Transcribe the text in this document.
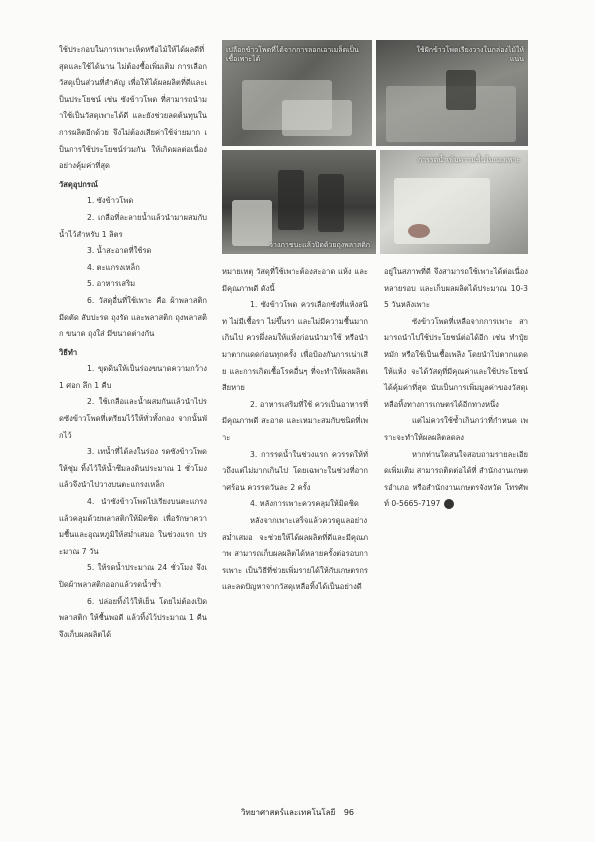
ใช้ประกอบในการเพาะเห็ดหรือไม้ให้ได้ผลดีที่สุดและใช้ได้นาน ไม่ต้องซื้อเพิ่มเติม การเลือกวัสดุเป็นส่วนที่สำคัญ เพื่อให้ได้ผลผลิตที่ดีและเป็นประโยชน์ เช่น ซังข้าวโพด ที่สามารถนำมาใช้เป็นวัสดุเพาะได้ดี และยังช่วยลดต้นทุนในการผลิตอีกด้วย จึงไม่ต้องเสียค่าใช้จ่ายมาก เป็นการใช้ประโยชน์ร่วมกัน ให้เกิดผลต่อเนื่องอย่างคุ้มค่าที่สุด

วัสดุอุปกรณ์

1. ซังข้าวโพด

2. เกลือที่ละลายน้ำแล้วนำมาผสมกับน้ำไว้สำหรับ 1 ลิตร

3. น้ำสะอาดที่ใช้รด

4. ตะแกรงเหล็ก

5. อาหารเสริม

6. วัสดุอื่นที่ใช้เพาะ คือ ผ้าพลาสติก มีดตัด สับปะรด ถุงรัด และพลาสติก ถุงพลาสติก ขนาด ถุงใส่ มีขนาดต่างกัน

วิธีทำ

1. ขุดดินให้เป็นร่องขนาดความกว้าง 1 ศอก ลึก 1 คืบ

2. ใช้เกลือและน้ำผสมกันแล้วนำไปรดซังข้าวโพดที่เตรียมไว้ให้ทั่วทั้งกอง จากนั้นพักไว้

3. เทน้ำที่ได้ลงในร่อง รดซังข้าวโพดให้ชุ่ม ทิ้งไว้ให้น้ำซึมลงดินประมาณ 1 ชั่วโมงแล้วจึงนำไปวางบนตะแกรงเหล็ก

4. นำซังข้าวโพดไปเรียงบนตะแกรง แล้วคลุมด้วยพลาสติกให้มิดชิด เพื่อรักษาความชื้นและอุณหภูมิให้สม่ำเสมอ ในช่วงแรก ประมาณ 7 วัน

5. ให้รดน้ำประมาณ 24 ชั่วโมง จึงเปิดผ้าพลาสติกออกแล้วรดน้ำซ้ำ

6. ปล่อยทิ้งไว้ให้เย็น โดยไม่ต้องเปิดพลาสติก ให้ชื้นพอดี แล้วทิ้งไว้ประมาณ 1 คืน จึงเก็บผลผลิตได้

เปลือกข้าวโพดที่ได้จากการลอกเอาเมล็ดเป็นเชื้อเพาะได้
ใช้ฝักข้าวโพดเรียงวางในกล่องไม้ให้แน่น
วางภาชนะแล้วปิดด้วยถุงพลาสติก
การรดน้ำเพิ่มความชื้นในกองเพาะ

หมายเหตุ วัสดุที่ใช้เพาะต้องสะอาด แห้ง และมีคุณภาพดี ดังนี้

1. ซังข้าวโพด ควรเลือกซังที่แห้งสนิท ไม่มีเชื้อรา ไม่ขึ้นรา และไม่มีความชื้นมากเกินไป ควรผึ่งลมให้แห้งก่อนนำมาใช้ หรือนำมาตากแดดก่อนทุกครั้ง เพื่อป้องกันการเน่าเสีย และการเกิดเชื้อโรคอื่นๆ ที่จะทำให้ผลผลิตเสียหาย

2. อาหารเสริมที่ใช้ ควรเป็นอาหารที่มีคุณภาพดี สะอาด และเหมาะสมกับชนิดที่เพาะ

3. การรดน้ำในช่วงแรก ควรรดให้ทั่วถึงแต่ไม่มากเกินไป โดยเฉพาะในช่วงที่อากาศร้อน ควรรดวันละ 2 ครั้ง

4. หลังการเพาะควรคลุมให้มิดชิด

หลังจากเพาะเสร็จแล้วควรดูแลอย่างสม่ำเสมอ จะช่วยให้ได้ผลผลิตที่ดีและมีคุณภาพ สามารถเก็บผลผลิตได้หลายครั้งต่อรอบการเพาะ เป็นวิธีที่ช่วยเพิ่มรายได้ให้กับเกษตรกร และลดปัญหาจากวัสดุเหลือทิ้งได้เป็นอย่างดี

อยู่ในสภาพที่ดี จึงสามารถใช้เพาะได้ต่อเนื่องหลายรอบ และเก็บผลผลิตได้ประมาณ 10-35 วันหลังเพาะ

ซังข้าวโพดที่เหลือจากการเพาะ สามารถนำไปใช้ประโยชน์ต่อได้อีก เช่น ทำปุ๋ยหมัก หรือใช้เป็นเชื้อเพลิง โดยนำไปตากแดดให้แห้ง จะได้วัสดุที่มีคุณค่าและใช้ประโยชน์ได้คุ้มค่าที่สุด นับเป็นการเพิ่มมูลค่าของวัสดุเหลือทิ้งทางการเกษตรได้อีกทางหนึ่ง

แต่ไม่ควรใช้ซ้ำเกินกว่าที่กำหนด เพราะจะทำให้ผลผลิตลดลง

หากท่านใดสนใจสอบถามรายละเอียดเพิ่มเติม สามารถติดต่อได้ที่ สำนักงานเกษตรอำเภอ หรือสำนักงานเกษตรจังหวัด โทรศัพท์ 0-5665-7197

วิทยาศาสตร์และเทคโนโลยี 96
